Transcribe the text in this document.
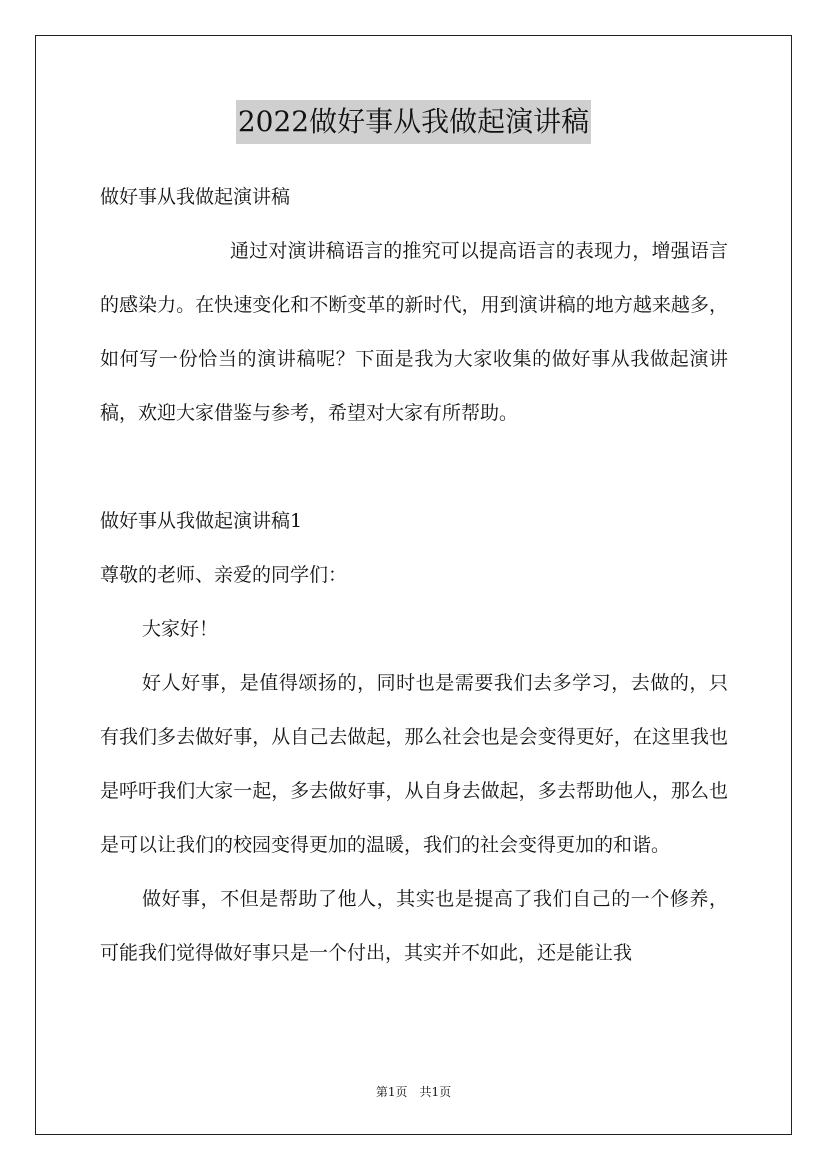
2022做好事从我做起演讲稿

做好事从我做起演讲稿

通过对演讲稿语言的推究可以提高语言的表现力，增强语言的感染力。在快速变化和不断变革的新时代，用到演讲稿的地方越来越多，如何写一份恰当的演讲稿呢？下面是我为大家收集的做好事从我做起演讲稿，欢迎大家借鉴与参考，希望对大家有所帮助。

做好事从我做起演讲稿1

尊敬的老师、亲爱的同学们：

大家好！

好人好事，是值得颂扬的，同时也是需要我们去多学习，去做的，只有我们多去做好事，从自己去做起，那么社会也是会变得更好，在这里我也是呼吁我们大家一起，多去做好事，从自身去做起，多去帮助他人，那么也是可以让我们的校园变得更加的温暖，我们的社会变得更加的和谐。

做好事，不但是帮助了他人，其实也是提高了我们自己的一个修养，可能我们觉得做好事只是一个付出，其实并不如此，还是能让我

第1页 共1页
